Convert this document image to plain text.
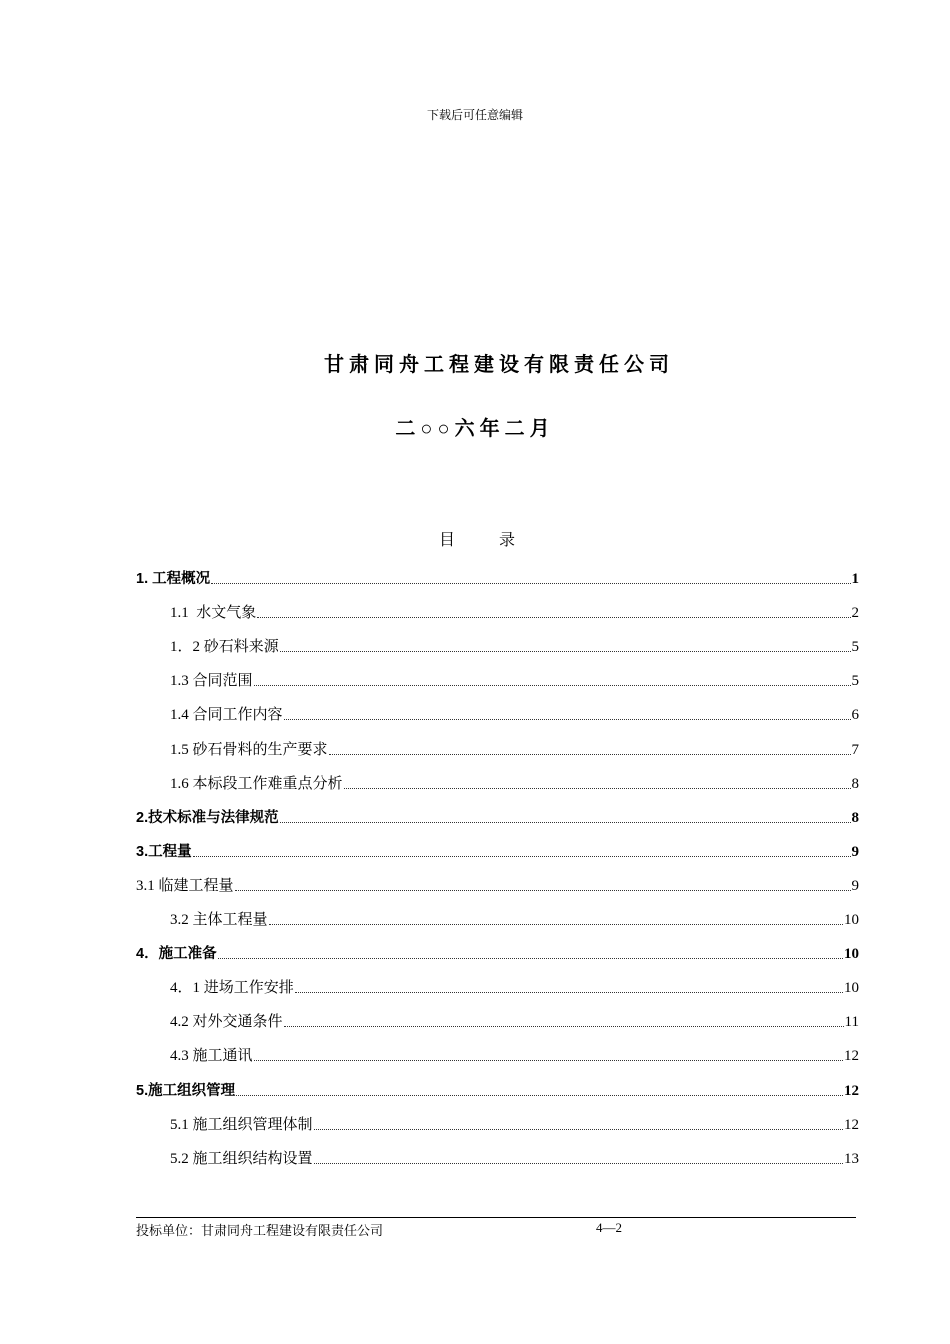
下载后可任意编辑
甘肃同舟工程建设有限责任公司
二○○六年二月
目录
1. 工程概况	1
1.1  水文气象	2
1．2 砂石料来源	5
1.3 合同范围	5
1.4 合同工作内容	6
1.5 砂石骨料的生产要求	7
1.6 本标段工作难重点分析	8
2.技术标准与法律规范	8
3.工程量	9
3.1 临建工程量	9
3.2 主体工程量	10
4．施工准备	10
4．1 进场工作安排	10
4.2 对外交通条件	11
4.3 施工通讯	12
5.施工组织管理	12
5.1 施工组织管理体制	12
5.2 施工组织结构设置	13
投标单位：甘肃同舟工程建设有限责任公司	4—2
